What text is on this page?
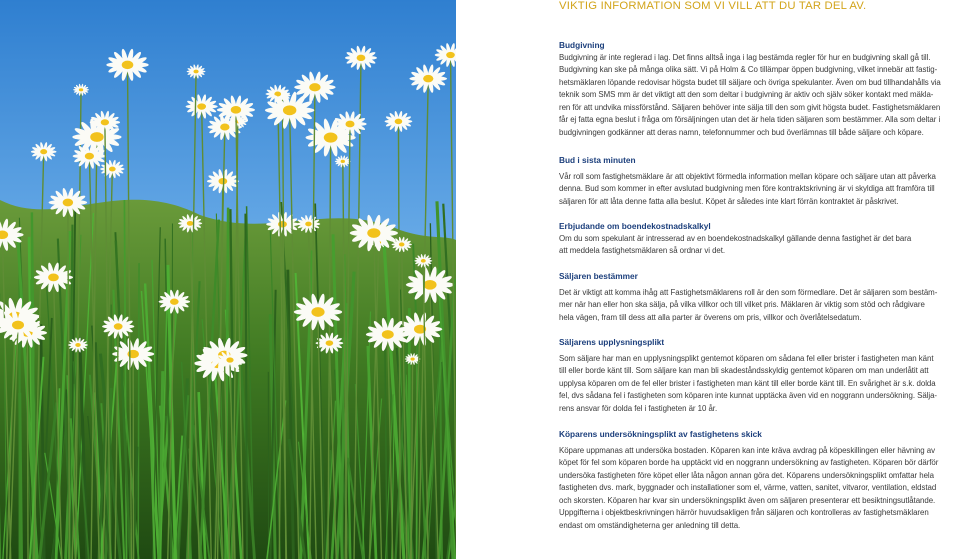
VIKTIG INFORMATION SOM VI VILL ATT DU TAR DEL AV.

Budgivning

Budgivning är inte reglerad i lag. Det finns alltså inga i lag bestämda regler för hur en budgivning skall gå till.

Budgivning kan ske på många olika sätt. Vi på Holm & Co tillämpar öppen budgivning, vilket innebär att fastig-

hetsmäklaren löpande redovisar högsta budet till säljare och övriga spekulanter. Även om bud tillhandahålls via

teknik som SMS mm är det viktigt att den som deltar i budgivning är aktiv och själv söker kontakt med mäkla-

ren för att undvika missförstånd. Säljaren behöver inte sälja till den som givit högsta budet. Fastighetsmäklaren

får ej fatta egna beslut i fråga om försäljningen utan det är hela tiden säljaren som bestämmer. Alla som deltar i

budgivningen godkänner att deras namn, telefonnummer och bud överlämnas till både säljare och köpare.

Bud i sista minuten

Vår roll som fastighetsmäklare är att objektivt förmedla information mellan köpare och säljare utan att påverka

denna. Bud som kommer in efter avslutad budgivning men före kontraktskrivning är vi skyldiga att framföra till

säljaren för att låta denne fatta alla beslut. Köpet är således inte klart förrän kontraktet är påskrivet.

Erbjudande om boendekostnadskalkyl

Om du som spekulant är intresserad av en boendekostnadskalkyl gällande denna fastighet är det bara

att meddela fastighetsmäklaren så ordnar vi det.

Säljaren bestämmer

Det är viktigt att komma ihåg att Fastighetsmäklarens roll är den som förmedlare. Det är säljaren som bestäm-

mer när han eller hon ska sälja, på vilka villkor och till vilket pris. Mäklaren är viktig som stöd och rådgivare

hela vägen, fram till dess att alla parter är överens om pris, villkor och överlåtelsedatum.

Säljarens upplysningsplikt

Som säljare har man en upplysningsplikt gentemot köparen om sådana fel eller brister i fastigheten man känt

till eller borde känt till. Som säljare kan man bli skadeståndsskyldig gentemot köparen om man underlåtit att

upplysa köparen om de fel eller brister i fastigheten man känt till eller borde känt till. En svårighet är s.k. dolda

fel, dvs sådana fel i fastigheten som köparen inte kunnat upptäcka även vid en noggrann undersökning. Sälja-

rens ansvar för dolda fel i fastigheten är 10 år.

Köparens undersökningsplikt av fastighetens skick

Köpare uppmanas att undersöka bostaden. Köparen kan inte kräva avdrag på köpeskillingen eller hävning av

köpet för fel som köparen borde ha upptäckt vid en noggrann undersökning av fastigheten. Köparen bör därför

undersöka fastigheten före köpet eller låta någon annan göra det. Köparens undersökningsplikt omfattar hela

fastigheten dvs. mark, byggnader och installationer som el, värme, vatten, sanitet, vitvaror, ventilation, eldstad

och skorsten. Köparen har kvar sin undersökningsplikt även om säljaren presenterar ett besiktningsutlåtande.

Uppgifterna i objektbeskrivningen härrör huvudsakligen från säljaren och kontrolleras av fastighetsmäklaren

endast om omständigheterna ger anledning till detta.
